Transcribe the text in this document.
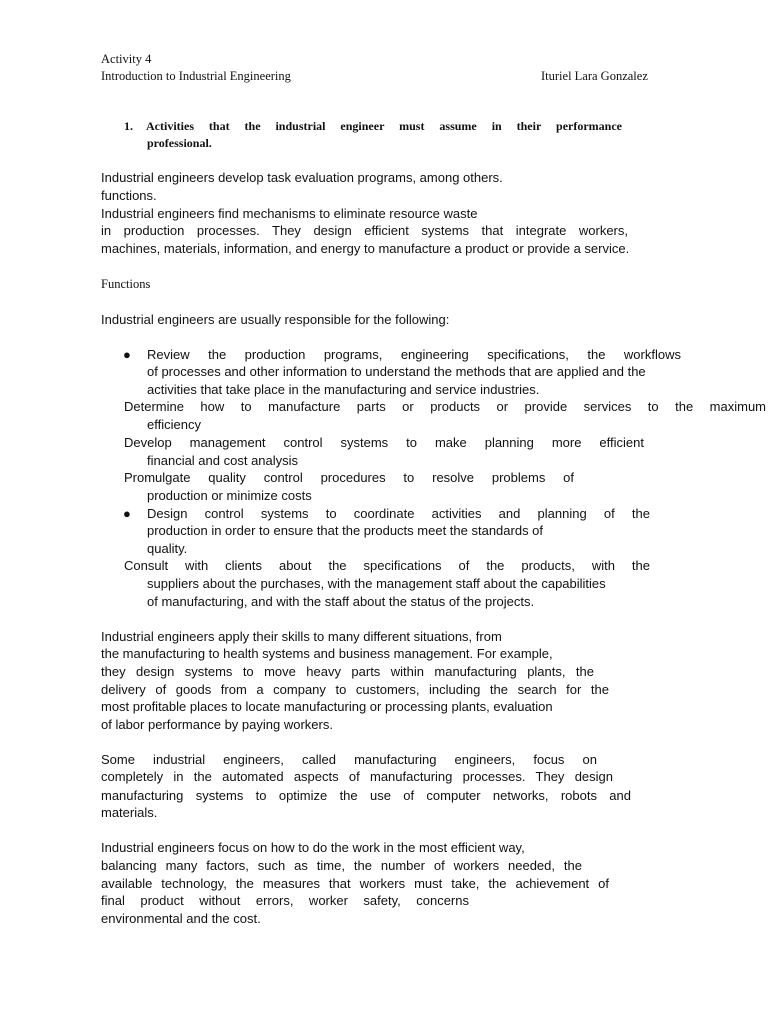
Activity 4
Introduction to Industrial Engineering	Ituriel Lara Gonzalez
1. Activities that the industrial engineer must assume in their performance
professional.
Industrial engineers develop task evaluation programs, among others.
functions.
Industrial engineers find mechanisms to eliminate resource waste
in production processes. They design efficient systems that integrate workers,
machines, materials, information, and energy to manufacture a product or provide a service.
Functions
Industrial engineers are usually responsible for the following:
● Review the production programs, engineering specifications, the workflows
of processes and other information to understand the methods that are applied and the
activities that take place in the manufacturing and service industries.
Determine how to manufacture parts or products or provide services to the maximum
efficiency
Develop management control systems to make planning more efficient
financial and cost analysis
Promulgate quality control procedures to resolve problems of
production or minimize costs
● Design control systems to coordinate activities and planning of the
production in order to ensure that the products meet the standards of
quality.
Consult with clients about the specifications of the products, with the
suppliers about the purchases, with the management staff about the capabilities
of manufacturing, and with the staff about the status of the projects.
Industrial engineers apply their skills to many different situations, from
the manufacturing to health systems and business management. For example,
they design systems to move heavy parts within manufacturing plants, the
delivery of goods from a company to customers, including the search for the
most profitable places to locate manufacturing or processing plants, evaluation
of labor performance by paying workers.
Some industrial engineers, called manufacturing engineers, focus on
completely in the automated aspects of manufacturing processes. They design
manufacturing systems to optimize the use of computer networks, robots and
materials.
Industrial engineers focus on how to do the work in the most efficient way,
balancing many factors, such as time, the number of workers needed, the
available technology, the measures that workers must take, the achievement of
final product without errors, worker safety, concerns
environmental and the cost.
